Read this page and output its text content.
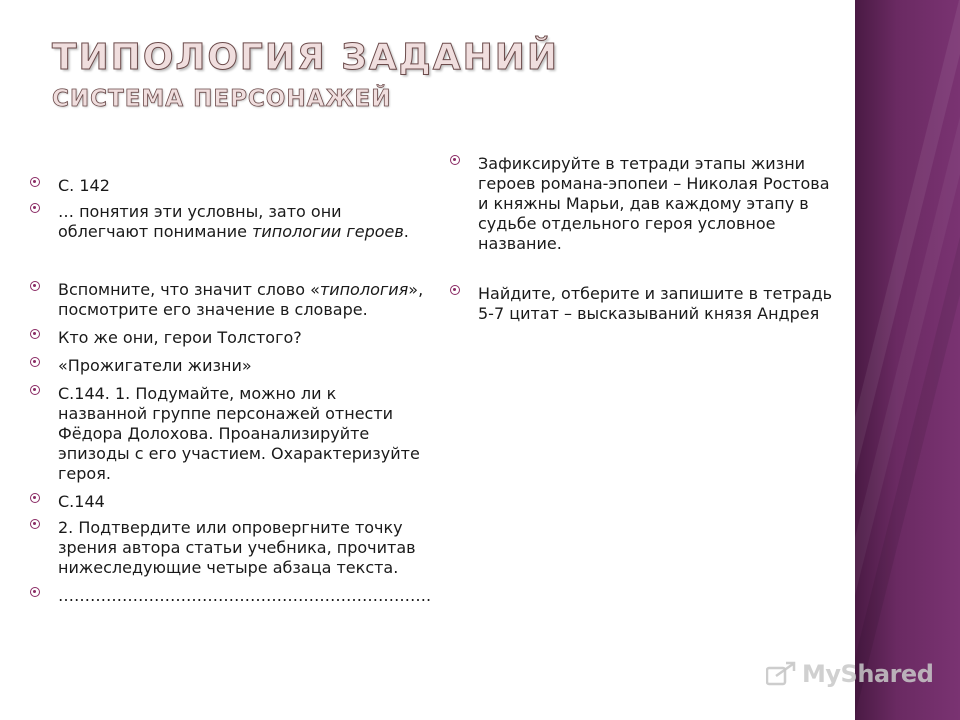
ТИПОЛОГИЯ ЗАДАНИЙ
СИСТЕМА ПЕРСОНАЖЕЙ
С. 142
… понятия эти условны, зато они облегчают понимание типологии героев.
Вспомните, что значит слово «типология», посмотрите его значение в словаре.
Кто же они, герои Толстого?
«Прожигатели жизни»
С.144. 1. Подумайте, можно ли к названной группе персонажей отнести Фёдора Долохова. Проанализируйте эпизоды с его участием. Охарактеризуйте героя.
С.144
2. Подтвердите или опровергните точку зрения автора статьи учебника, прочитав нижеследующие четыре абзаца текста.
…………………………………………………………….
Зафиксируйте в тетради этапы жизни героев романа-эпопеи – Николая Ростова и княжны Марьи, дав каждому этапу в судьбе отдельного героя условное название.
Найдите, отберите и запишите в тетрадь 5-7 цитат – высказываний князя Андрея
MyShared
